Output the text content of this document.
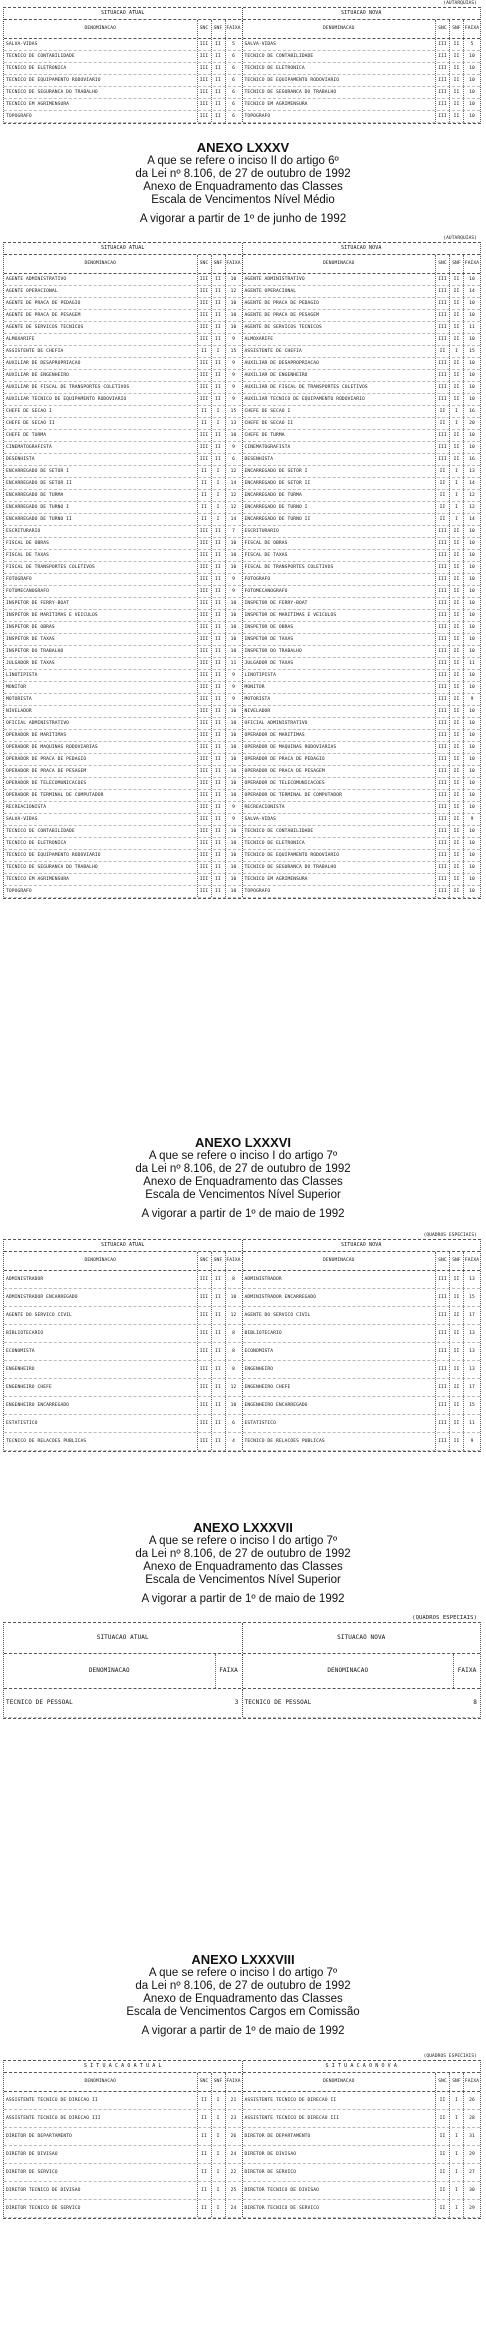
(AUTARQUIAS)
SITUACAO ATUAL	SITUACAO NOVA
DENOMINACAO	SNC	SNF FAIXA	DENOMINACAO	SNC	SNF FAIXA
SALVA-VIDAS	III	II	5	SALVA-VIDAS	III	II	5
TECNICO DE CONTABILIDADE	III	II	6	TECNICO DE CONTABILIDADE	III	II	10
TECNICO DE ELETRONICA	III	II	6	TECNICO DE ELETRONICA	III	II	10
TECNICO DE EQUIPAMENTO RODOVIARIO	III	II	6	TECNICO DE EQUIPAMENTO RODOVIARIO	III	II	10
TECNICO DE SEGURANCA DO TRABALHO	III	II	6	TECNICO DE SEGURANCA DO TRABALHO	III	II	10
TECNICO EM AGRIMENSURA	III	II	6	TECNICO EM AGRIMENSURA	III	II	10
TOPOGRAFO	III	II	6	TOPOGRAFO	III	II	10
ANEXO LXXXV
A que se refere o inciso II do artigo 6º
da Lei nº 8.106, de 27 de outubro de 1992
Anexo de Enquadramento das Classes
Escala de Vencimentos Nível Médio
A vigorar a partir de 1º de junho de 1992
(AUTARQUIAS)
SITUACAO ATUAL	SITUACAO NOVA
DENOMINACAO	SNC	SNF FAIXA	DENOMINACAO	SNC	SNF FAIXA
AGENTE ADMINISTRATIVO	III	II	10	AGENTE ADMINISTRATIVO	III	II	10
AGENTE OPERACIONAL	III	II	12	AGENTE OPERACIONAL	III	II	14
AGENTE DE PRACA DE PEDAGIO	III	II	10	AGENTE DE PRACA DE PEDAGIO	III	II	10
AGENTE DE PRACA DE PESAGEM	III	II	10	AGENTE DE PRACA DE PESAGEM	III	II	10
AGENTE DE SERVICOS TECNICOS	III	II	10	AGENTE DE SERVICOS TECNICOS	III	II	11
ALMOXARIFE	III	II	9	ALMOXARIFE	III	II	10
ASSISTENTE DE CHEFIA	II	I	15	ASSISTENTE DE CHEFIA	II	I	15
AUXILIAR DE DESAPROPRIACAO	III	II	9	AUXILIAR DE DESAPROPRIACAO	III	II	10
AUXILIAR DE ENGENHEIRO	III	II	9	AUXILIAR DE ENGENHEIRO	III	II	10
AUXILIAR DE FISCAL DE TRANSPORTES COLETIVOS	III	II	9	AUXILIAR DE FISCAL DE TRANSPORTES COLETIVOS	III	II	10
AUXILIAR TECNICO DE EQUIPAMENTO RODOVIARIO	III	II	9	AUXILIAR TECNICO DE EQUIPAMENTO RODOVIARIO	III	II	10
CHEFE DE SECAO I	II	I	15	CHEFE DE SECAO I	II	I	16
CHEFE DE SECAO II	II	I	13	CHEFE DE SECAO II	II	I	20
CHEFE DE TURMA	III	II	10	CHEFE DE TURMA	III	II	10
CINEMATOGRAFISTA	III	II	9	CINEMATOGRAFISTA	III	II	10
DESENHISTA	III	II	6	DESENHISTA	III	II	16
ENCARREGADO DE SETOR I	II	I	12	ENCARREGADO DE SETOR I	II	I	13
ENCARREGADO DE SETOR II	II	I	14	ENCARREGADO DE SETOR II	II	I	14
ENCARREGADO DE TURMA	II	I	12	ENCARREGADO DE TURMA	II	I	12
ENCARREGADO DE TURNO I	II	I	12	ENCARREGADO DE TURNO I	II	I	12
ENCARREGADO DE TURNO II	II	I	14	ENCARREGADO DE TURNO II	II	I	14
ESCRITURARIO	III	II	7	ESCRITURARIO	III	II	10
FISCAL DE OBRAS	III	II	10	FISCAL DE OBRAS	III	II	10
FISCAL DE TAXAS	III	II	10	FISCAL DE TAXAS	III	II	10
FISCAL DE TRANSPORTES COLETIVOS	III	II	10	FISCAL DE TRANSPORTES COLETIVOS	III	II	10
FOTOGRAFO	III	II	9	FOTOGRAFO	III	II	10
FOTOMECANOGRAFO	III	II	9	FOTOMECANOGRAFO	III	II	10
INSPETOR DE FERRY-BOAT	III	II	10	INSPETOR DE FERRY-BOAT	III	II	10
INSPETOR DE MARITIMAS E VEICULOS	III	II	10	INSPETOR DE MARITIMAS E VEICULOS	III	II	10
INSPETOR DE OBRAS	III	II	10	INSPETOR DE OBRAS	III	II	10
INSPETOR DE TAXAS	III	II	10	INSPETOR DE TAXAS	III	II	10
INSPETOR DO TRABALHO	III	II	10	INSPETOR DO TRABALHO	III	II	10
JULGADOR DE TAXAS	III	II	11	JULGADOR DE TAXAS	III	II	11
LINOTIPISTA	III	II	9	LINOTIPISTA	III	II	10
MONITOR	III	II	9	MONITOR	III	II	10
MOTORISTA	III	II	9	MOTORISTA	III	II	9
NIVELADOR	III	II	10	NIVELADOR	III	II	10
OFICIAL ADMINISTRATIVO	III	II	10	OFICIAL ADMINISTRATIVO	III	II	10
OPERADOR DE MARITIMAS	III	II	10	OPERADOR DE MARITIMAS	III	II	10
OPERADOR DE MAQUINAS RODOVIARIAS	III	II	10	OPERADOR DE MAQUINAS RODOVIARIAS	III	II	10
OPERADOR DE PRACA DE PEDAGIO	III	II	10	OPERADOR DE PRACA DE PEDAGIO	III	II	10
OPERADOR DE PRACA DE PESAGEM	III	II	10	OPERADOR DE PRACA DE PESAGEM	III	II	10
OPERADOR DE TELECOMUNICACOES	III	II	10	OPERADOR DE TELECOMUNICACOES	III	II	10
OPERADOR DE TERMINAL DE COMPUTADOR	III	II	10	OPERADOR DE TERMINAL DE COMPUTADOR	III	II	10
RECREACIONISTA	III	II	9	RECREACIONISTA	III	II	10
SALVA-VIDAS	III	II	9	SALVA-VIDAS	III	II	9
TECNICO DE CONTABILIDADE	III	II	10	TECNICO DE CONTABILIDADE	III	II	10
TECNICO DE ELETRONICA	III	II	10	TECNICO DE ELETRONICA	III	II	10
TECNICO DE EQUIPAMENTO RODOVIARIO	III	II	10	TECNICO DE EQUIPAMENTO RODOVIARIO	III	II	10
TECNICO DE SEGURANCA DO TRABALHO	III	II	10	TECNICO DE SEGURANCA DO TRABALHO	III	II	10
TECNICO EM AGRIMENSURA	III	II	10	TECNICO EM AGRIMENSURA	III	II	10
TOPOGRAFO	III	II	10	TOPOGRAFO	III	II	10
ANEXO LXXXVI
A que se refere o inciso I do artigo 7º
da Lei nº 8.106, de 27 de outubro de 1992
Anexo de Enquadramento das Classes
Escala de Vencimentos Nível Superior
A vigorar a partir de 1º de maio de 1992
(QUADROS ESPECIAIS)
SITUACAO ATUAL	SITUACAO NOVA
DENOMINACAO	SNC	SNF FAIXA	DENOMINACAO	SNC	SNF FAIXA
ADMINISTRADOR	III	II	8	ADMINISTRADOR	III	II	13
ADMINISTRADOR ENCARREGADO	III	II	10	ADMINISTRADOR ENCARREGADO	III	II	15
AGENTE DO SERVICO CIVIL	III	II	12	AGENTE DO SERVICO CIVIL	III	II	17
BIBLIOTECARIO	III	II	8	BIBLIOTECARIO	III	II	13
ECONOMISTA	III	II	8	ECONOMISTA	III	II	13
ENGENHEIRO	III	II	8	ENGENHEIRO	III	II	13
ENGENHEIRO CHEFE	III	II	12	ENGENHEIRO CHEFE	III	II	17
ENGENHEIRO ENCARREGADO	III	II	10	ENGENHEIRO ENCARREGADO	III	II	15
ESTATISTICO	III	II	6	ESTATISTICO	III	II	11
TECNICO DE RELACOES PUBLICAS	III	II	4	TECNICO DE RELACOES PUBLICAS	III	II	9
ANEXO LXXXVII
A que se refere o inciso I do artigo 7º
da Lei nº 8.106, de 27 de outubro de 1992
Anexo de Enquadramento das Classes
Escala de Vencimentos Nível Superior
A vigorar a partir de 1º de maio de 1992
(QUADROS ESPECIAIS)
SITUACAO ATUAL	SITUACAO NOVA
DENOMINACAO	FAIXA	DENOMINACAO	FAIXA
TECNICO DE PESSOAL	3	TECNICO DE PESSOAL	8
ANEXO LXXXVIII
A que se refere o inciso I do artigo 7º
da Lei nº 8.106, de 27 de outubro de 1992
Anexo de Enquadramento das Classes
Escala de Vencimentos Cargos em Comissão
A vigorar a partir de 1º de maio de 1992
(QUADROS ESPECIAIS)
S I T U A C A O A T U A L	S I T U A C A O N O V A
DENOMINACAO	SNC	SNF FAIXA	DENOMINACAO	SNC	SNF FAIXA
ASSISTENTE TECNICO DE DIRECAO II	II	I	21	ASSISTENTE TECNICO DE DIRECAO II	II	I	26
ASSISTENTE TECNICO DE DIRECAO III	II	I	23	ASSISTENTE TECNICO DE DIRECAO III	II	I	28
DIRETOR DE DEPARTAMENTO	II	I	26	DIRETOR DE DEPARTAMENTO	II	I	31
DIRETOR DE DIVISAO	II	I	24	DIRETOR DE DIVISAO	II	I	29
DIRETOR DE SERVICO	II	I	22	DIRETOR DE SERVICO	II	I	27
DIRETOR TECNICO DE DIVISAO	II	I	25	DIRETOR TECNICO DE DIVISAO	II	I	30
DIRETOR TECNICO DE SERVICO	II	I	24	DIRETOR TECNICO DE SERVICO	II	I	29
